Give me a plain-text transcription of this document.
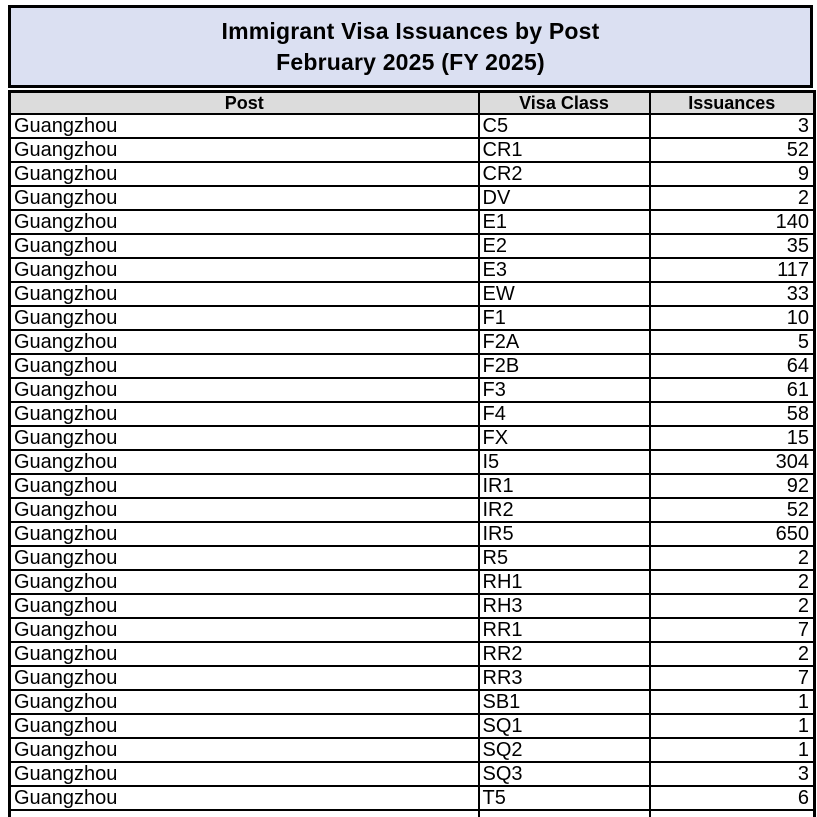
Immigrant Visa Issuances by Post
February 2025 (FY 2025)
Post	Visa Class	Issuances
Guangzhou	C5	3
Guangzhou	CR1	52
Guangzhou	CR2	9
Guangzhou	DV	2
Guangzhou	E1	140
Guangzhou	E2	35
Guangzhou	E3	117
Guangzhou	EW	33
Guangzhou	F1	10
Guangzhou	F2A	5
Guangzhou	F2B	64
Guangzhou	F3	61
Guangzhou	F4	58
Guangzhou	FX	15
Guangzhou	I5	304
Guangzhou	IR1	92
Guangzhou	IR2	52
Guangzhou	IR5	650
Guangzhou	R5	2
Guangzhou	RH1	2
Guangzhou	RH3	2
Guangzhou	RR1	7
Guangzhou	RR2	2
Guangzhou	RR3	7
Guangzhou	SB1	1
Guangzhou	SQ1	1
Guangzhou	SQ2	1
Guangzhou	SQ3	3
Guangzhou	T5	6
